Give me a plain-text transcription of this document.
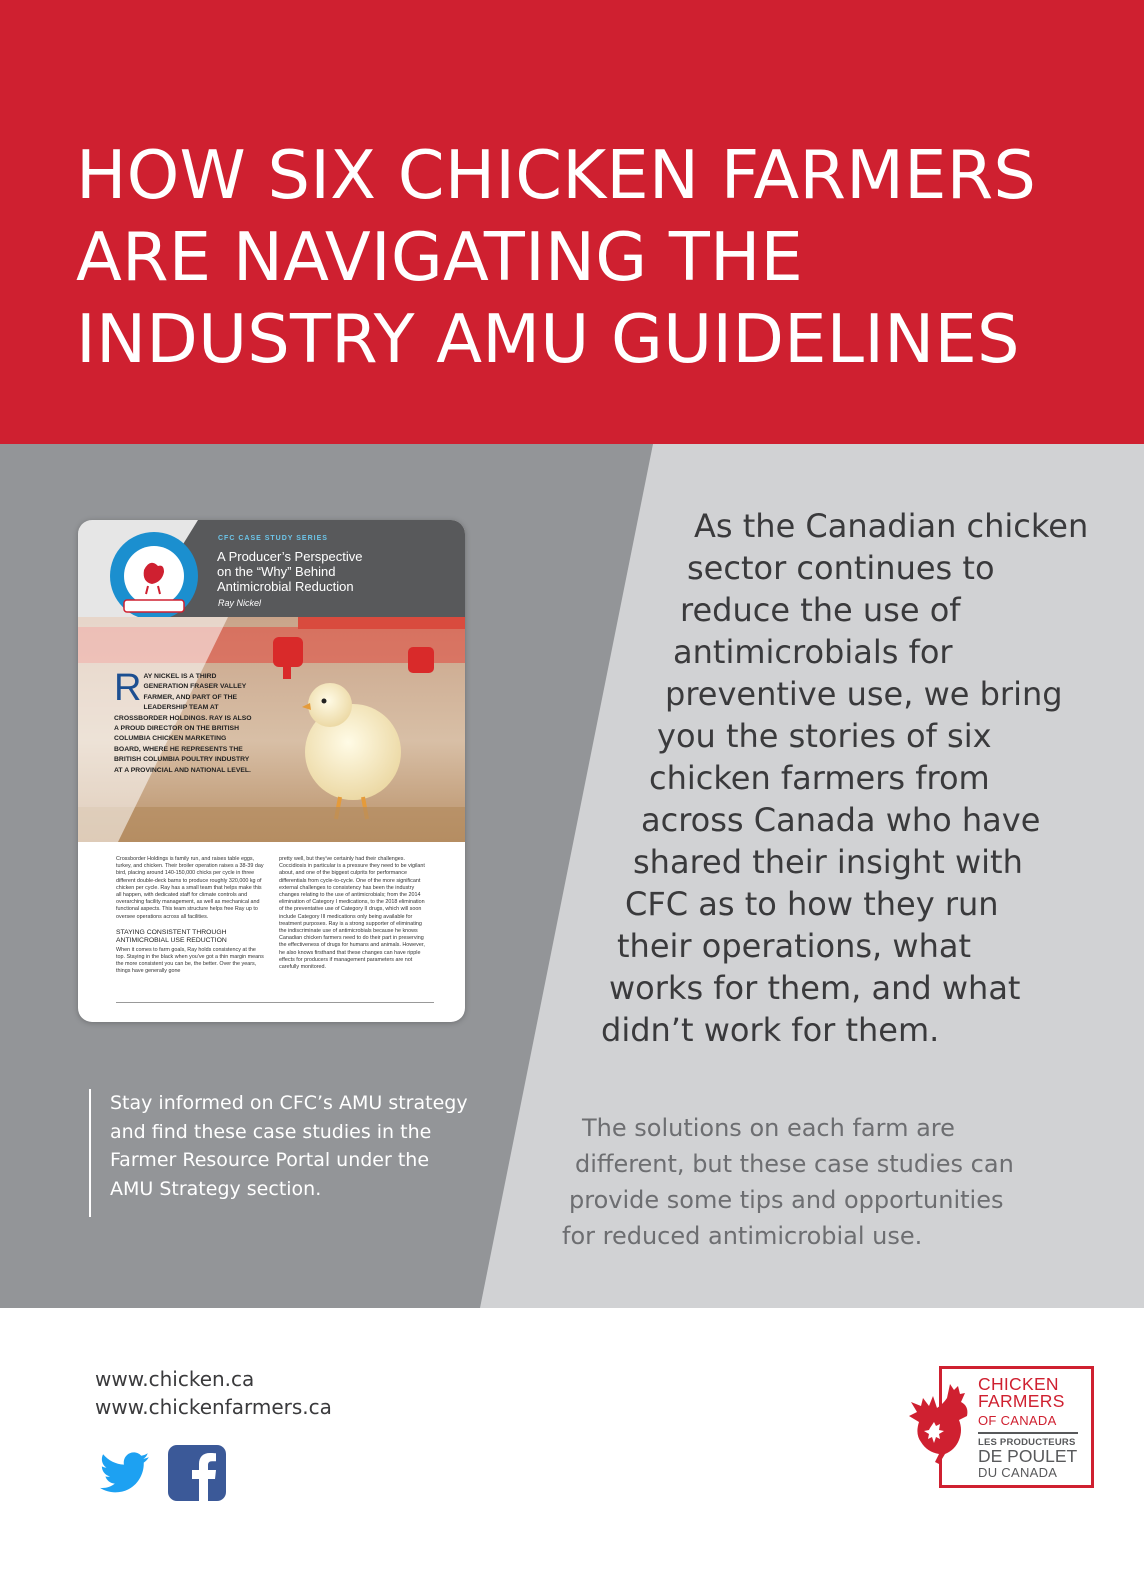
HOW SIX CHICKEN FARMERS
ARE NAVIGATING THE
INDUSTRY AMU GUIDELINES
CFC CASE STUDY SERIES
A Producer’s Perspective
on the “Why” Behind
Antimicrobial Reduction
Ray Nickel
R AY NICKEL IS A THIRD GENERATION FRASER VALLEY FARMER, AND PART OF THE LEADERSHIP TEAM AT CROSSBORDER HOLDINGS. RAY IS ALSO A PROUD DIRECTOR ON THE BRITISH COLUMBIA CHICKEN MARKETING BOARD, WHERE HE REPRESENTS THE BRITISH COLUMBIA POULTRY INDUSTRY AT A PROVINCIAL AND NATIONAL LEVEL.
Crossborder Holdings is family run, and raises table eggs, turkey, and chicken. Their broiler operation raises a 38-39 day bird, placing around 140-150,000 chicks per cycle in three different double-deck barns to produce roughly 320,000 kg of chicken per cycle. Ray has a small team that helps make this all happen, with dedicated staff for climate controls and overarching facility management, as well as mechanical and functional aspects. This team structure helps free Ray up to oversee operations across all facilities.
STAYING CONSISTENT THROUGH ANTIMICROBIAL USE REDUCTION
When it comes to farm goals, Ray holds consistency at the top. Staying in the black when you've got a thin margin means the more consistent you can be, the better. Over the years, things have generally gone
pretty well, but they've certainly had their challenges. Coccidiosis in particular is a pressure they need to be vigilant about, and one of the biggest culprits for performance differentials from cycle-to-cycle. One of the more significant external challenges to consistency has been the industry changes relating to the use of antimicrobials; from the 2014 elimination of Category I medications, to the 2018 elimination of the preventative use of Category II drugs, which will soon include Category III medications only being available for treatment purposes. Ray is a strong supporter of eliminating the indiscriminate use of antimicrobials because he knows Canadian chicken farmers need to do their part in preserving the effectiveness of drugs for humans and animals. However, he also knows firsthand that these changes can have ripple effects for producers if management parameters are not carefully monitored.
As the Canadian chicken
sector continues to
reduce the use of
antimicrobials for
preventive use, we bring
you the stories of six
chicken farmers from
across Canada who have
shared their insight with
CFC as to how they run
their operations, what
works for them, and what
didn’t work for them.
The solutions on each farm are
different, but these case studies can
provide some tips and opportunities
for reduced antimicrobial use.
Stay informed on CFC’s AMU strategy and find these case studies in the Farmer Resource Portal under the AMU Strategy section.
www.chicken.ca
www.chickenfarmers.ca
CHICKEN
FARMERS
OF CANADA
LES PRODUCTEURS
DE POULET
DU CANADA
